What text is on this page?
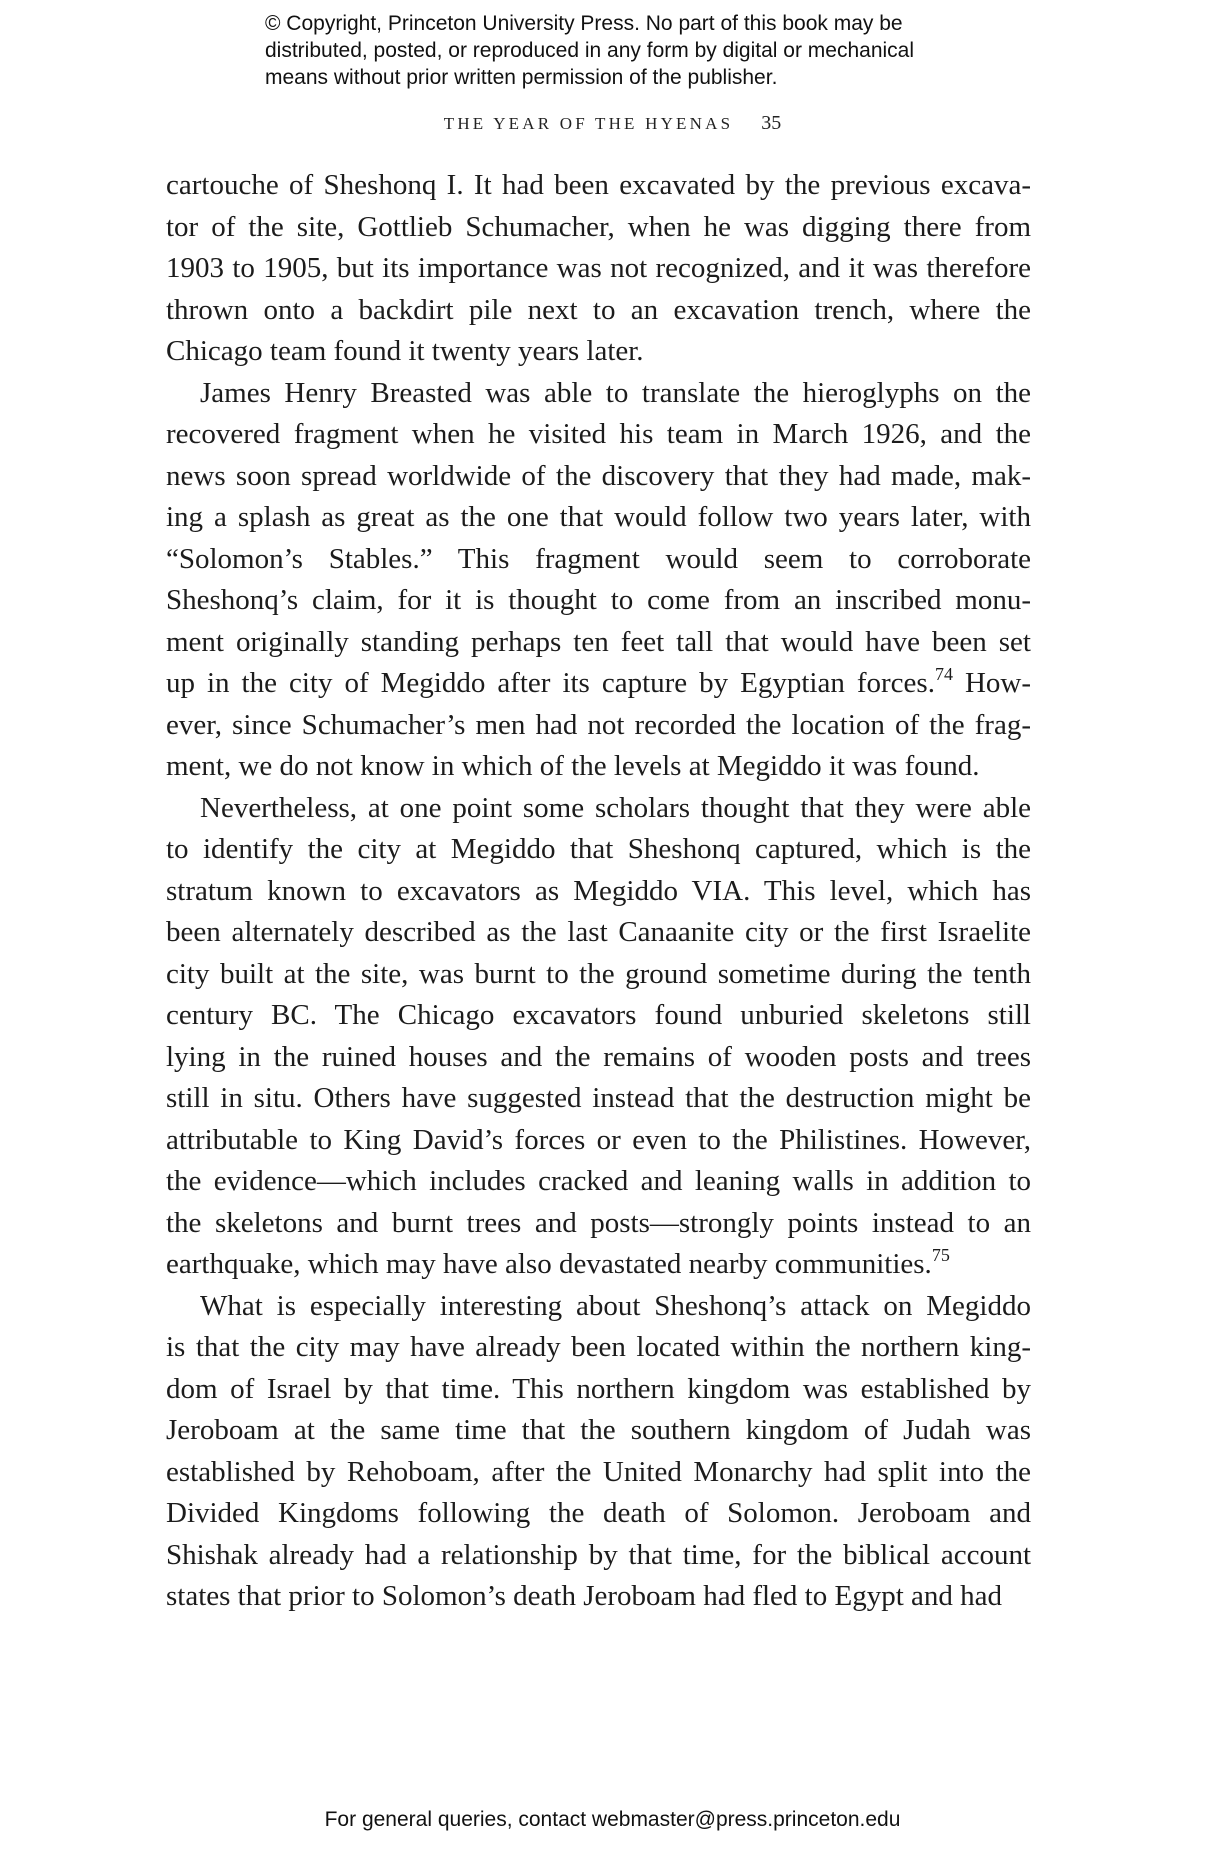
© Copyright, Princeton University Press. No part of this book may be
distributed, posted, or reproduced in any form by digital or mechanical
means without prior written permission of the publisher.
THE YEAR OF THE HYENAS 35
cartouche of Sheshonq I. It had been excavated by the previous excava-
tor of the site, Gottlieb Schumacher, when he was digging there from
1903 to 1905, but its importance was not recognized, and it was therefore
thrown onto a backdirt pile next to an excavation trench, where the
Chicago team found it twenty years later.
James Henry Breasted was able to translate the hieroglyphs on the
recovered fragment when he visited his team in March 1926, and the
news soon spread worldwide of the discovery that they had made, mak-
ing a splash as great as the one that would follow two years later, with
“Solomon’s Stables.” This fragment would seem to corroborate
Sheshonq’s claim, for it is thought to come from an inscribed monu-
ment originally standing perhaps ten feet tall that would have been set
up in the city of Megiddo after its capture by Egyptian forces.$^{74}$ How-
ever, since Schumacher’s men had not recorded the location of the frag-
ment, we do not know in which of the levels at Megiddo it was found.
Nevertheless, at one point some scholars thought that they were able
to identify the city at Megiddo that Sheshonq captured, which is the
stratum known to excavators as Megiddo VIA. This level, which has
been alternately described as the last Canaanite city or the first Israelite
city built at the site, was burnt to the ground sometime during the tenth
century BC. The Chicago excavators found unburied skeletons still
lying in the ruined houses and the remains of wooden posts and trees
still in situ. Others have suggested instead that the destruction might be
attributable to King David’s forces or even to the Philistines. However,
the evidence—which includes cracked and leaning walls in addition to
the skeletons and burnt trees and posts—strongly points instead to an
earthquake, which may have also devastated nearby communities.$^{75}$
What is especially interesting about Sheshonq’s attack on Megiddo
is that the city may have already been located within the northern king-
dom of Israel by that time. This northern kingdom was established by
Jeroboam at the same time that the southern kingdom of Judah was
established by Rehoboam, after the United Monarchy had split into the
Divided Kingdoms following the death of Solomon. Jeroboam and
Shishak already had a relationship by that time, for the biblical account
states that prior to Solomon’s death Jeroboam had fled to Egypt and had
For general queries, contact webmaster@press.princeton.edu
